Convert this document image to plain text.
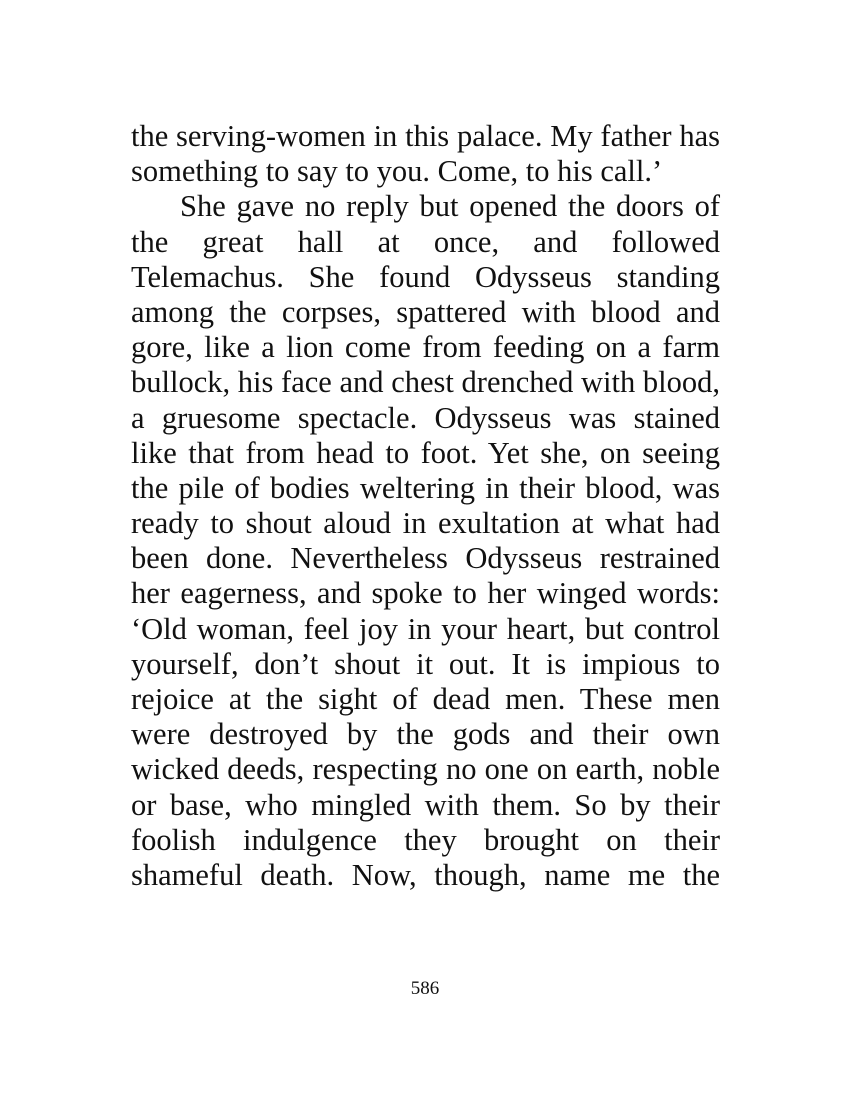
the serving-women in this palace. My father has
something to say to you. Come, to his call.’
She gave no reply but opened the doors of
the great hall at once, and followed
Telemachus. She found Odysseus standing
among the corpses, spattered with blood and
gore, like a lion come from feeding on a farm
bullock, his face and chest drenched with blood,
a gruesome spectacle. Odysseus was stained
like that from head to foot. Yet she, on seeing
the pile of bodies weltering in their blood, was
ready to shout aloud in exultation at what had
been done. Nevertheless Odysseus restrained
her eagerness, and spoke to her winged words:
‘Old woman, feel joy in your heart, but control
yourself, don’t shout it out. It is impious to
rejoice at the sight of dead men. These men
were destroyed by the gods and their own
wicked deeds, respecting no one on earth, noble
or base, who mingled with them. So by their
foolish indulgence they brought on their
shameful death. Now, though, name me the
586
